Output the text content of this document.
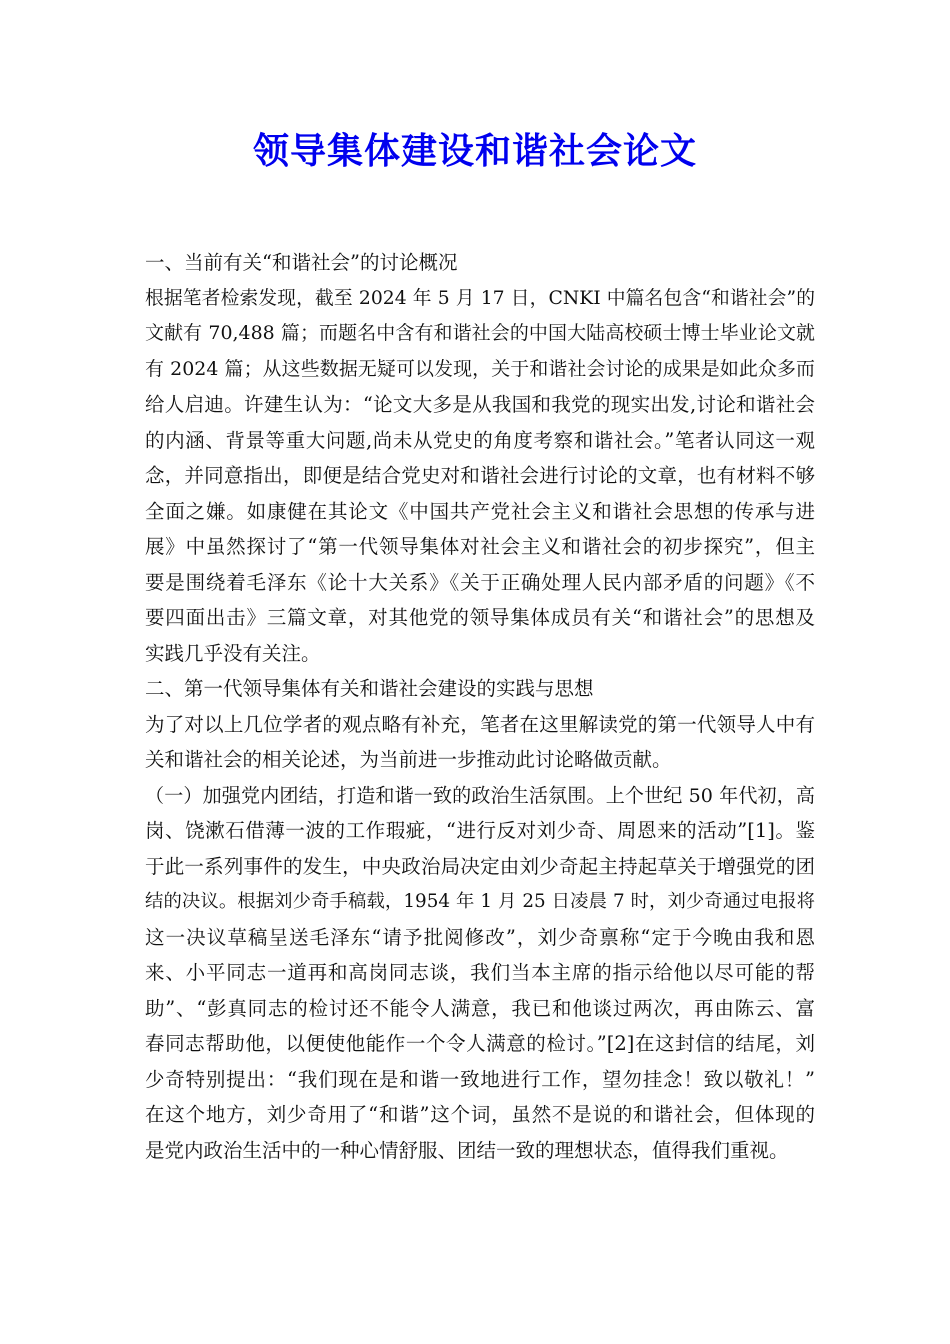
领导集体建设和谐社会论文
一、当前有关“和谐社会”的讨论概况
根据笔者检索发现，截至 2024 年 5 月 17 日，CNKI 中篇名包含“和谐社会”的
文献有 70,488 篇；而题名中含有和谐社会的中国大陆高校硕士博士毕业论文就
有 2024 篇；从这些数据无疑可以发现，关于和谐社会讨论的成果是如此众多而
给人启迪。许建生认为：“论文大多是从我国和我党的现实出发,讨论和谐社会
的内涵、背景等重大问题,尚未从党史的角度考察和谐社会。”笔者认同这一观
念，并同意指出，即便是结合党史对和谐社会进行讨论的文章，也有材料不够
全面之嫌。如康健在其论文《中国共产党社会主义和谐社会思想的传承与进
展》中虽然探讨了“第一代领导集体对社会主义和谐社会的初步探究”，但主
要是围绕着毛泽东《论十大关系》《关于正确处理人民内部矛盾的问题》《不
要四面出击》三篇文章，对其他党的领导集体成员有关“和谐社会”的思想及
实践几乎没有关注。
二、第一代领导集体有关和谐社会建设的实践与思想
为了对以上几位学者的观点略有补充，笔者在这里解读党的第一代领导人中有
关和谐社会的相关论述，为当前进一步推动此讨论略做贡献。
（一）加强党内团结，打造和谐一致的政治生活氛围。上个世纪 50 年代初，高
岗、饶漱石借薄一波的工作瑕疵，“进行反对刘少奇、周恩来的活动”[1]。鉴
于此一系列事件的发生，中央政治局决定由刘少奇起主持起草关于增强党的团
结的决议。根据刘少奇手稿载，1954 年 1 月 25 日凌晨 7 时，刘少奇通过电报将
这一决议草稿呈送毛泽东“请予批阅修改”，刘少奇禀称“定于今晚由我和恩
来、小平同志一道再和高岗同志谈，我们当本主席的指示给他以尽可能的帮
助”、“彭真同志的检讨还不能令人满意，我已和他谈过两次，再由陈云、富
春同志帮助他，以便使他能作一个令人满意的检讨。”[2]在这封信的结尾，刘
少奇特别提出：“我们现在是和谐一致地进行工作，望勿挂念！致以敬礼！”
在这个地方，刘少奇用了“和谐”这个词，虽然不是说的和谐社会，但体现的
是党内政治生活中的一种心情舒服、团结一致的理想状态，值得我们重视。
